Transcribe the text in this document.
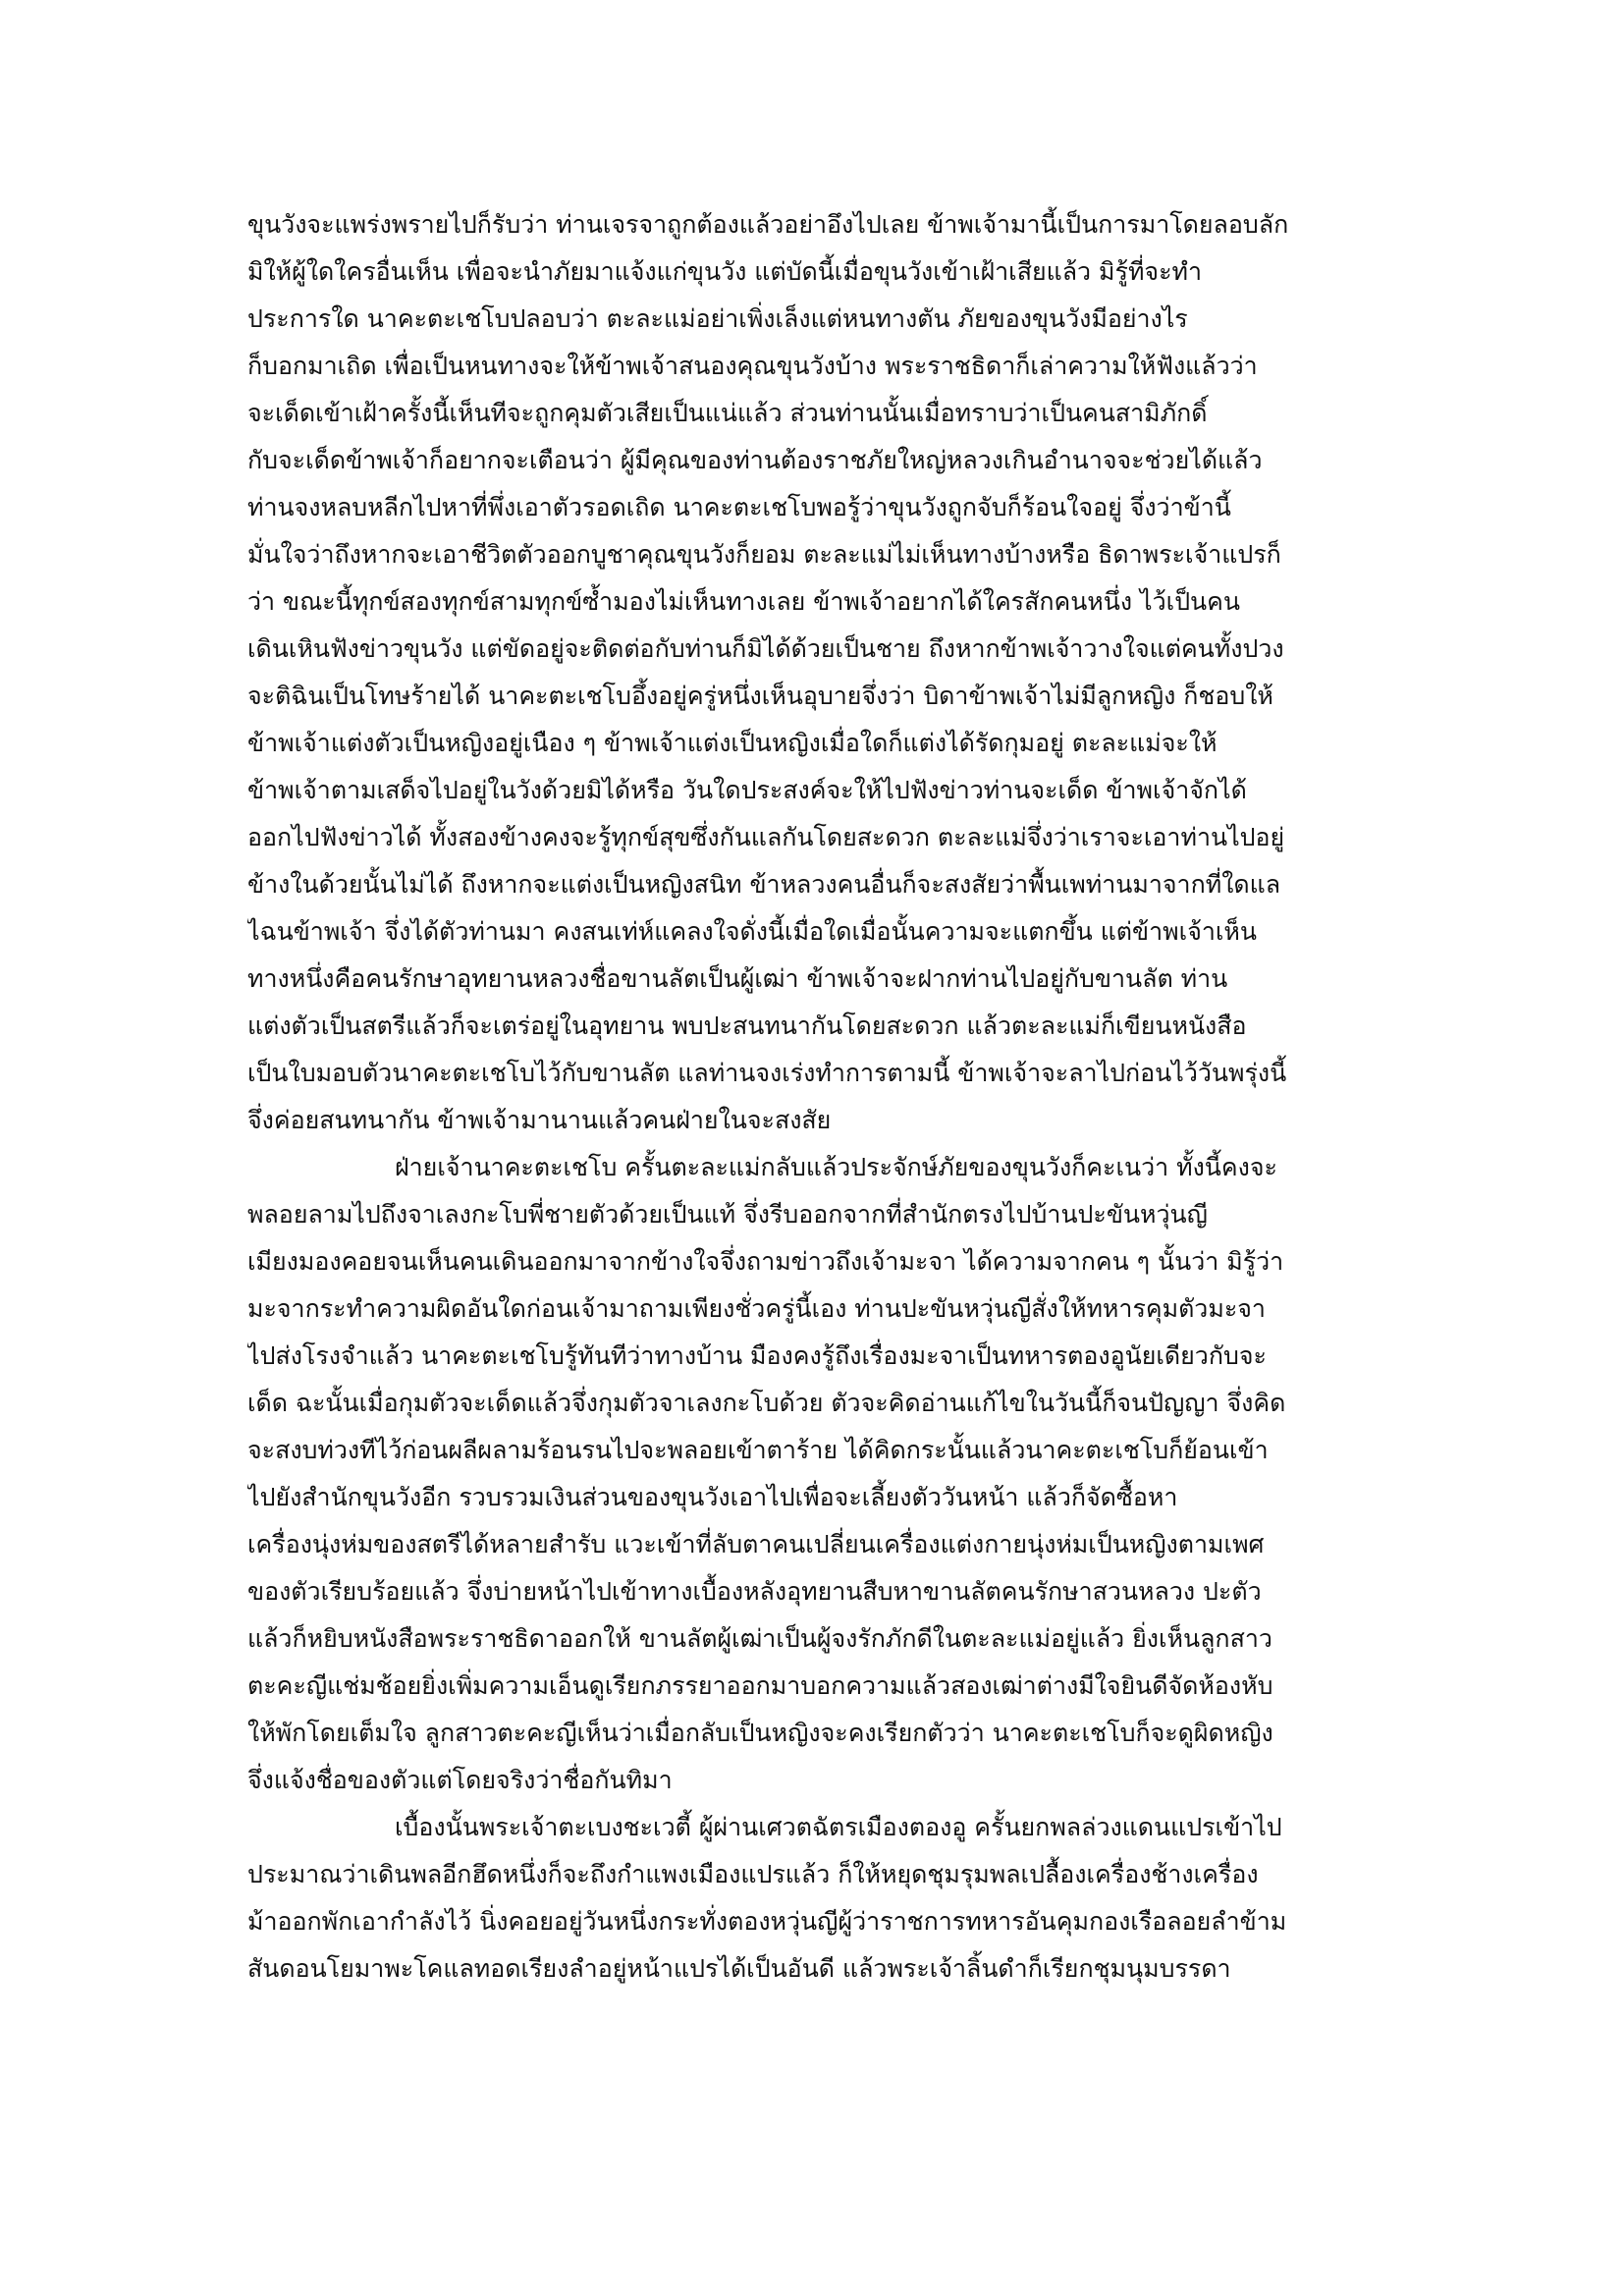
ขุนวังจะแพร่งพรายไปก็รับว่า ท่านเจรจาถูกต้องแล้วอย่าอึงไปเลย ข้าพเจ้ามานี้เป็นการมาโดยลอบลัก
มิให้ผู้ใดใครอื่นเห็น เพื่อจะนำภัยมาแจ้งแก่ขุนวัง แต่บัดนี้เมื่อขุนวังเข้าเฝ้าเสียแล้ว มิรู้ที่จะทำ
ประการใด นาคะตะเชโบปลอบว่า ตะละแม่อย่าเพิ่งเล็งแต่หนทางตัน ภัยของขุนวังมีอย่างไร
ก็บอกมาเถิด เพื่อเป็นหนทางจะให้ข้าพเจ้าสนองคุณขุนวังบ้าง พระราชธิดาก็เล่าความให้ฟังแล้วว่า
จะเด็ดเข้าเฝ้าครั้งนี้เห็นทีจะถูกคุมตัวเสียเป็นแน่แล้ว ส่วนท่านนั้นเมื่อทราบว่าเป็นคนสามิภักดิ์
กับจะเด็ดข้าพเจ้าก็อยากจะเตือนว่า ผู้มีคุณของท่านต้องราชภัยใหญ่หลวงเกินอำนาจจะช่วยได้แล้ว
ท่านจงหลบหลีกไปหาที่พึ่งเอาตัวรอดเถิด นาคะตะเชโบพอรู้ว่าขุนวังถูกจับก็ร้อนใจอยู่ จึ่งว่าข้านี้
มั่นใจว่าถึงหากจะเอาชีวิตตัวออกบูชาคุณขุนวังก็ยอม ตะละแม่ไม่เห็นทางบ้างหรือ ธิดาพระเจ้าแปรก็
ว่า ขณะนี้ทุกข์สองทุกข์สามทุกข์ซ้ำมองไม่เห็นทางเลย ข้าพเจ้าอยากได้ใครสักคนหนึ่ง ไว้เป็นคน
เดินเหินฟังข่าวขุนวัง แต่ขัดอยู่จะติดต่อกับท่านก็มิได้ด้วยเป็นชาย ถึงหากข้าพเจ้าวางใจแต่คนทั้งปวง
จะติฉินเป็นโทษร้ายได้ นาคะตะเชโบอึ้งอยู่ครู่หนึ่งเห็นอุบายจึ่งว่า บิดาข้าพเจ้าไม่มีลูกหญิง ก็ชอบให้
ข้าพเจ้าแต่งตัวเป็นหญิงอยู่เนือง ๆ ข้าพเจ้าแต่งเป็นหญิงเมื่อใดก็แต่งได้รัดกุมอยู่ ตะละแม่จะให้
ข้าพเจ้าตามเสด็จไปอยู่ในวังด้วยมิได้หรือ วันใดประสงค์จะให้ไปฟังข่าวท่านจะเด็ด ข้าพเจ้าจักได้
ออกไปฟังข่าวได้ ทั้งสองข้างคงจะรู้ทุกข์สุขซึ่งกันแลกันโดยสะดวก ตะละแม่จึ่งว่าเราจะเอาท่านไปอยู่
ข้างในด้วยนั้นไม่ได้ ถึงหากจะแต่งเป็นหญิงสนิท ข้าหลวงคนอื่นก็จะสงสัยว่าพื้นเพท่านมาจากที่ใดแล
ไฉนข้าพเจ้า จึ่งได้ตัวท่านมา คงสนเท่ห์แคลงใจดั่งนี้เมื่อใดเมื่อนั้นความจะแตกขึ้น แต่ข้าพเจ้าเห็น
ทางหนึ่งคือคนรักษาอุทยานหลวงชื่อขานลัตเป็นผู้เฒ่า ข้าพเจ้าจะฝากท่านไปอยู่กับขานลัต ท่าน
แต่งตัวเป็นสตรีแล้วก็จะเตร่อยู่ในอุทยาน พบปะสนทนากันโดยสะดวก แล้วตะละแม่ก็เขียนหนังสือ
เป็นใบมอบตัวนาคะตะเชโบไว้กับขานลัต แลท่านจงเร่งทำการตามนี้ ข้าพเจ้าจะลาไปก่อนไว้วันพรุ่งนี้
จึ่งค่อยสนทนากัน ข้าพเจ้ามานานแล้วคนฝ่ายในจะสงสัย
ฝ่ายเจ้านาคะตะเชโบ ครั้นตะละแม่กลับแล้วประจักษ์ภัยของขุนวังก็คะเนว่า ทั้งนี้คงจะ
พลอยลามไปถึงจาเลงกะโบพี่ชายตัวด้วยเป็นแท้ จึ่งรีบออกจากที่สำนักตรงไปบ้านปะขันหวุ่นญี
เมียงมองคอยจนเห็นคนเดินออกมาจากข้างใจจึ่งถามข่าวถึงเจ้ามะจา ได้ความจากคน ๆ นั้นว่า มิรู้ว่า
มะจากระทำความผิดอันใดก่อนเจ้ามาถามเพียงชั่วครู่นี้เอง ท่านปะขันหวุ่นญีสั่งให้ทหารคุมตัวมะจา
ไปส่งโรงจำแล้ว นาคะตะเชโบรู้ทันทีว่าทางบ้าน มืองคงรู้ถึงเรื่องมะจาเป็นทหารตองอูนัยเดียวกับจะ
เด็ด ฉะนั้นเมื่อกุมตัวจะเด็ดแล้วจึ่งกุมตัวจาเลงกะโบด้วย ตัวจะคิดอ่านแก้ไขในวันนี้ก็จนปัญญา จึ่งคิด
จะสงบท่วงทีไว้ก่อนผลีผลามร้อนรนไปจะพลอยเข้าตาร้าย ได้คิดกระนั้นแล้วนาคะตะเชโบก็ย้อนเข้า
ไปยังสำนักขุนวังอีก รวบรวมเงินส่วนของขุนวังเอาไปเพื่อจะเลี้ยงตัววันหน้า แล้วก็จัดซื้อหา
เครื่องนุ่งห่มของสตรีได้หลายสำรับ แวะเข้าที่ลับตาคนเปลี่ยนเครื่องแต่งกายนุ่งห่มเป็นหญิงตามเพศ
ของตัวเรียบร้อยแล้ว จึ่งบ่ายหน้าไปเข้าทางเบื้องหลังอุทยานสืบหาขานลัตคนรักษาสวนหลวง ปะตัว
แล้วก็หยิบหนังสือพระราชธิดาออกให้ ขานลัตผู้เฒ่าเป็นผู้จงรักภักดีในตะละแม่อยู่แล้ว ยิ่งเห็นลูกสาว
ตะคะญีแช่มช้อยยิ่งเพิ่มความเอ็นดูเรียกภรรยาออกมาบอกความแล้วสองเฒ่าต่างมีใจยินดีจัดห้องหับ
ให้พักโดยเต็มใจ ลูกสาวตะคะญีเห็นว่าเมื่อกลับเป็นหญิงจะคงเรียกตัวว่า นาคะตะเชโบก็จะดูผิดหญิง
จึ่งแจ้งชื่อของตัวแต่โดยจริงว่าชื่อกันทิมา
เบื้องนั้นพระเจ้าตะเบงชะเวตี้ ผู้ผ่านเศวตฉัตรเมืองตองอู ครั้นยกพลล่วงแดนแปรเข้าไป
ประมาณว่าเดินพลอีกฮึดหนึ่งก็จะถึงกำแพงเมืองแปรแล้ว ก็ให้หยุดชุมรุมพลเปลื้องเครื่องช้างเครื่อง
ม้าออกพักเอากำลังไว้ นิ่งคอยอยู่วันหนึ่งกระทั่งตองหวุ่นญีผู้ว่าราชการทหารอันคุมกองเรือลอยลำข้าม
สันดอนโยมาพะโคแลทอดเรียงลำอยู่หน้าแปรได้เป็นอันดี แล้วพระเจ้าลิ้นดำก็เรียกชุมนุมบรรดา
